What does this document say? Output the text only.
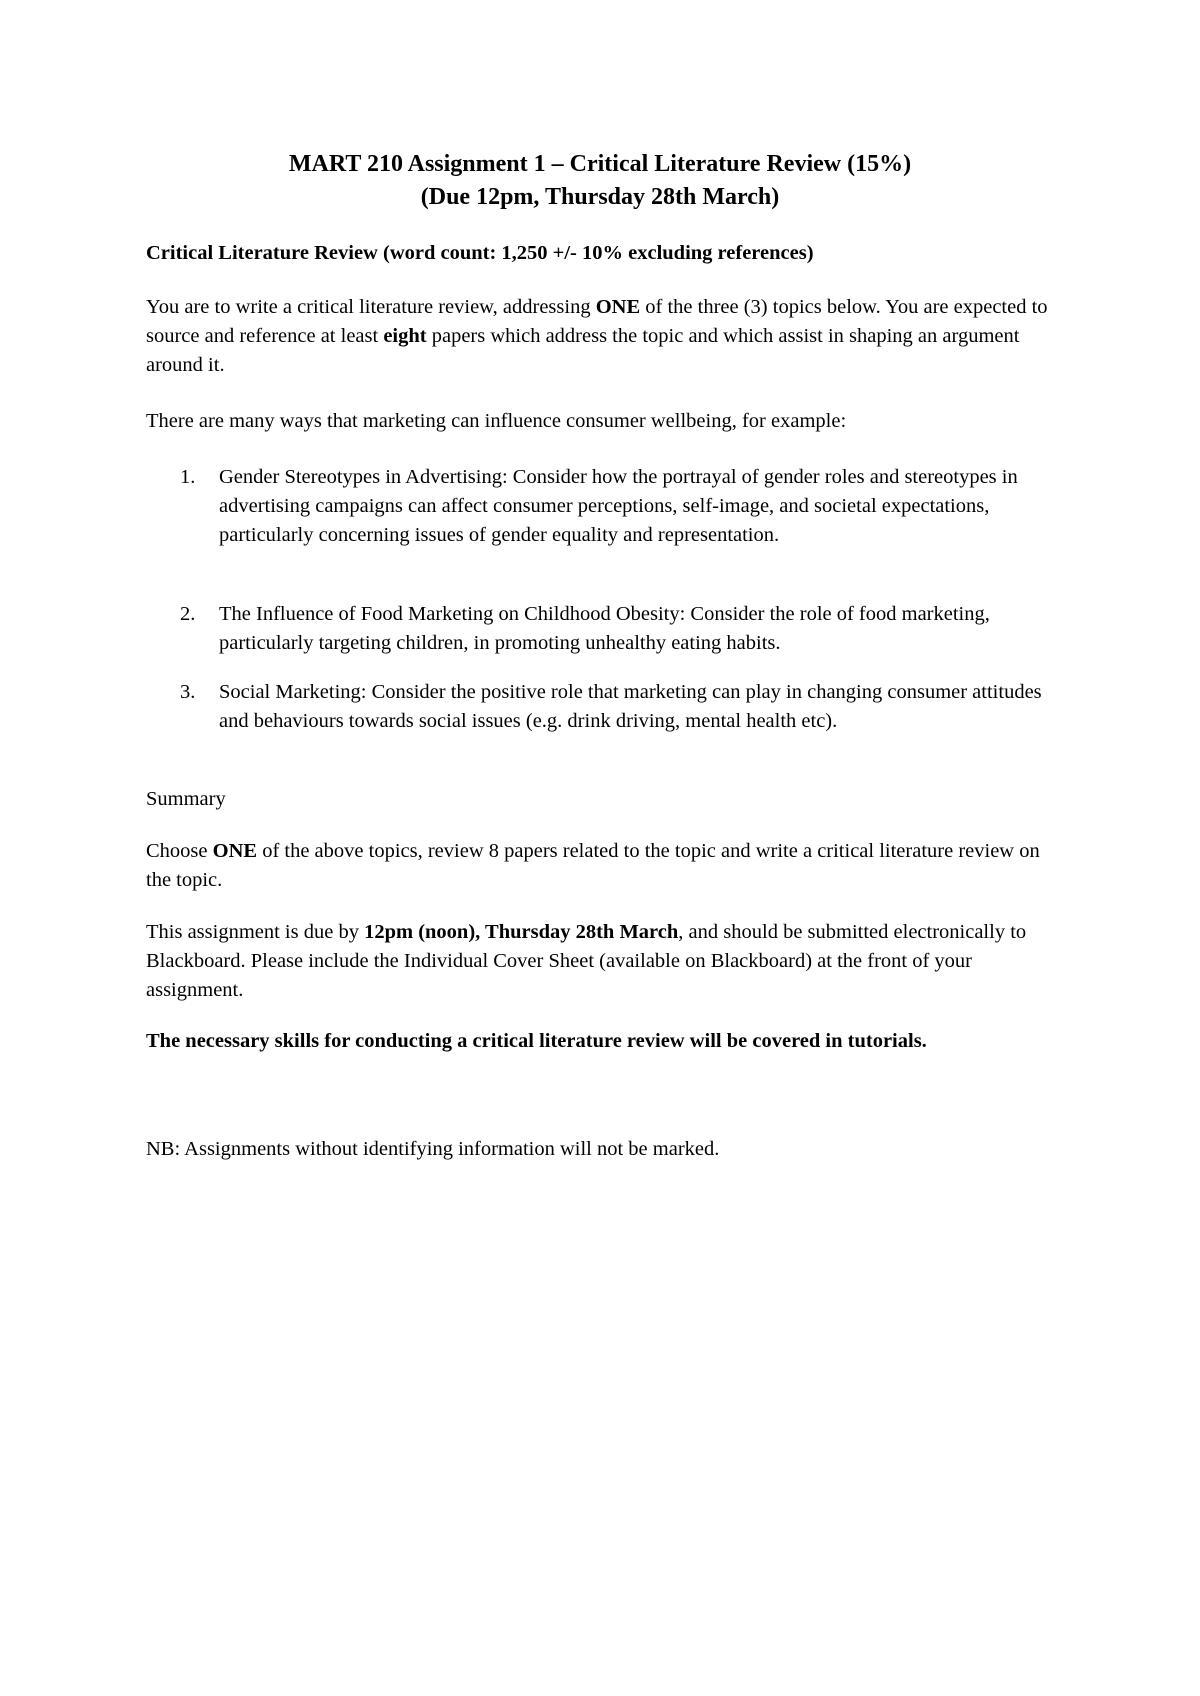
MART 210 Assignment 1 – Critical Literature Review (15%)
(Due 12pm, Thursday 28th March)
Critical Literature Review (word count: 1,250 +/- 10% excluding references)
You are to write a critical literature review, addressing ONE of the three (3) topics below. You are expected to source and reference at least eight papers which address the topic and which assist in shaping an argument around it.
There are many ways that marketing can influence consumer wellbeing, for example:
1. Gender Stereotypes in Advertising: Consider how the portrayal of gender roles and stereotypes in advertising campaigns can affect consumer perceptions, self-image, and societal expectations, particularly concerning issues of gender equality and representation.
2. The Influence of Food Marketing on Childhood Obesity: Consider the role of food marketing, particularly targeting children, in promoting unhealthy eating habits.
3. Social Marketing: Consider the positive role that marketing can play in changing consumer attitudes and behaviours towards social issues (e.g. drink driving, mental health etc).
Summary
Choose ONE of the above topics, review 8 papers related to the topic and write a critical literature review on the topic.
This assignment is due by 12pm (noon), Thursday 28th March, and should be submitted electronically to Blackboard. Please include the Individual Cover Sheet (available on Blackboard) at the front of your assignment.
The necessary skills for conducting a critical literature review will be covered in tutorials.
NB: Assignments without identifying information will not be marked.
